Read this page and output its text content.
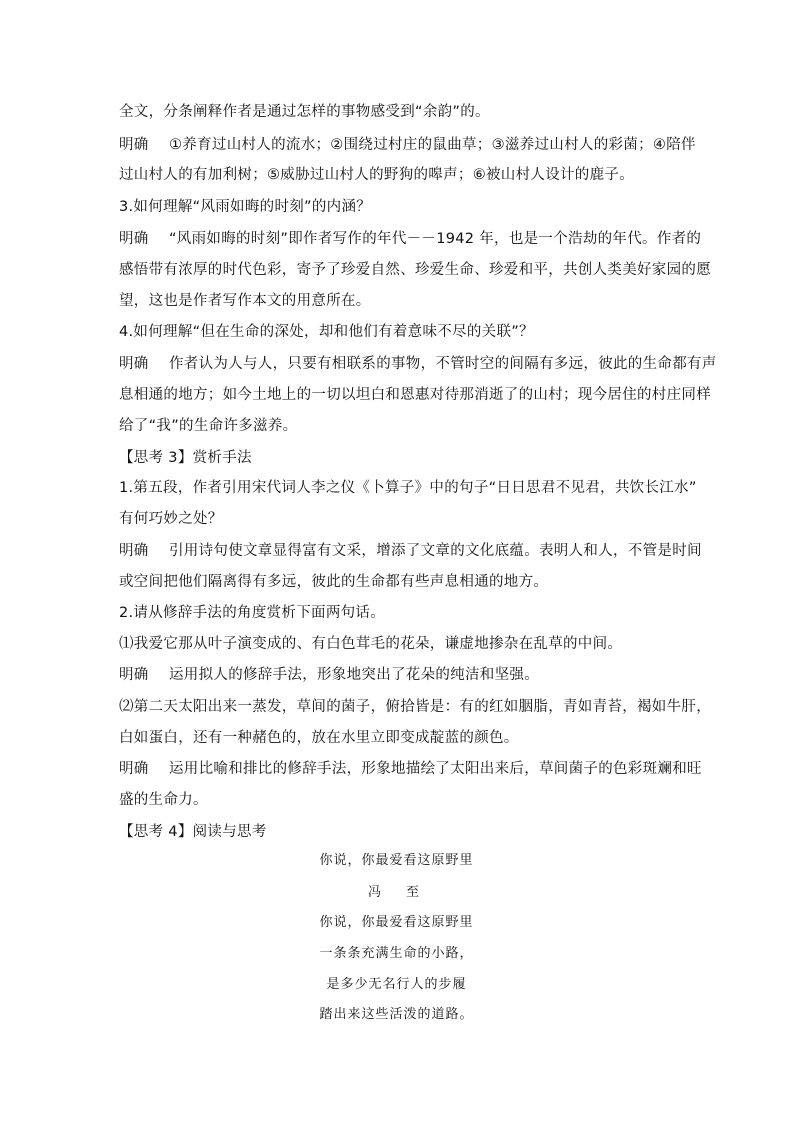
全文，分条阐释作者是通过怎样的事物感受到“余韵”的。
明确 ①养育过山村人的流水；②围绕过村庄的鼠曲草；③滋养过山村人的彩菌；④陪伴
过山村人的有加利树；⑤威胁过山村人的野狗的嗥声；⑥被山村人设计的鹿子。
3.如何理解“风雨如晦的时刻”的内涵？
明确 “风雨如晦的时刻”即作者写作的年代－－1942 年，也是一个浩劫的年代。作者的
感悟带有浓厚的时代色彩，寄予了珍爱自然、珍爱生命、珍爱和平，共创人类美好家园的愿
望，这也是作者写作本文的用意所在。
4.如何理解“但在生命的深处，却和他们有着意味不尽的关联”？
明确 作者认为人与人，只要有相联系的事物，不管时空的间隔有多远，彼此的生命都有声
息相通的地方；如今土地上的一切以坦白和恩惠对待那消逝了的山村；现今居住的村庄同样
给了“我”的生命许多滋养。
【思考 3】赏析手法
1.第五段，作者引用宋代词人李之仪《卜算子》中的句子“日日思君不见君，共饮长江水”
有何巧妙之处？
明确 引用诗句使文章显得富有文采，增添了文章的文化底蕴。表明人和人，不管是时间
或空间把他们隔离得有多远，彼此的生命都有些声息相通的地方。
2.请从修辞手法的角度赏析下面两句话。
⑴我爱它那从叶子演变成的、有白色茸毛的花朵，谦虚地掺杂在乱草的中间。
明确 运用拟人的修辞手法，形象地突出了花朵的纯洁和坚强。
⑵第二天太阳出来一蒸发，草间的菌子，俯拾皆是：有的红如胭脂，青如青苔，褐如牛肝，
白如蛋白，还有一种赭色的，放在水里立即变成靛蓝的颜色。
明确 运用比喻和排比的修辞手法，形象地描绘了太阳出来后，草间菌子的色彩斑斓和旺
盛的生命力。
【思考 4】阅读与思考
你说，你最爱看这原野里
冯　至
你说，你最爱看这原野里
一条条充满生命的小路，
是多少无名行人的步履
踏出来这些活泼的道路。
